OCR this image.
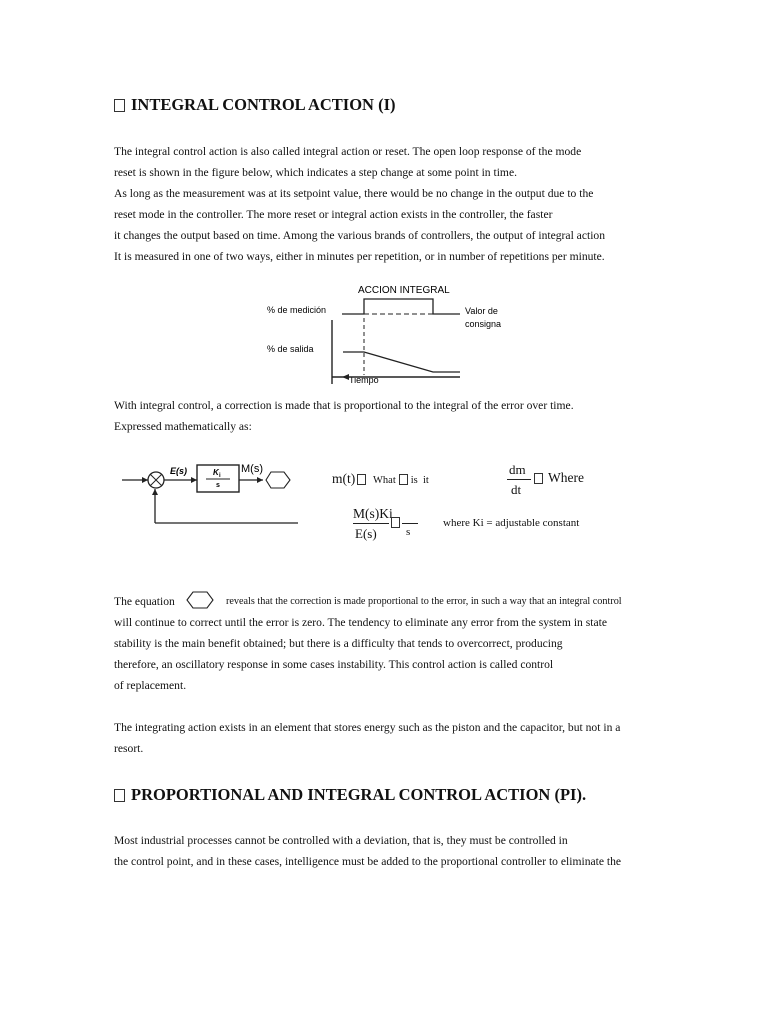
INTEGRAL CONTROL ACTION (I)
The integral control action is also called integral action or reset. The open loop response of the mode
reset is shown in the figure below, which indicates a step change at some point in time.
As long as the measurement was at its setpoint value, there would be no change in the output due to the
reset mode in the controller. The more reset or integral action exists in the controller, the faster
it changes the output based on time. Among the various brands of controllers, the output of integral action
It is measured in one of two ways, either in minutes per repetition, or in number of repetitions per minute.
ACCION INTEGRAL
% de medición
% de salida
Valor de
consigna
Tiempo
With integral control, a correction is made that is proportional to the integral of the error over time.
Expressed mathematically as:
E(s)	K i
s
M(s)
m(t)	What is it
dm
dt
Where
M(s)Ki
E(s)	s
where Ki = adjustable constant
The equation	reveals that the correction is made proportional to the error, in such a way that an integral control
will continue to correct until the error is zero. The tendency to eliminate any error from the system in state
stability is the main benefit obtained; but there is a difficulty that tends to overcorrect, producing
therefore, an oscillatory response in some cases instability. This control action is called control
of replacement.
The integrating action exists in an element that stores energy such as the piston and the capacitor, but not in a
resort.
PROPORTIONAL AND INTEGRAL CONTROL ACTION (PI).
Most industrial processes cannot be controlled with a deviation, that is, they must be controlled in
the control point, and in these cases, intelligence must be added to the proportional controller to eliminate the
